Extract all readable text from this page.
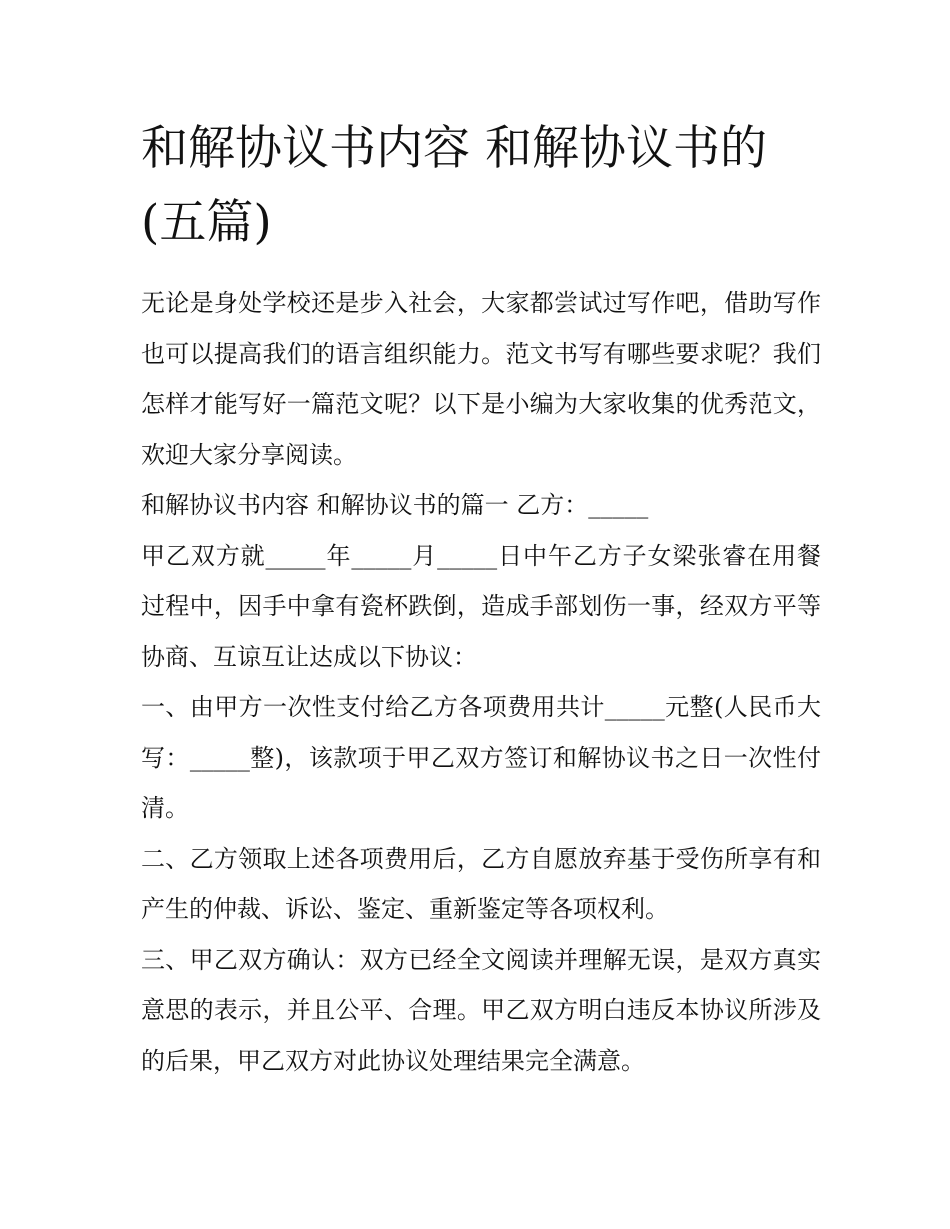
和解协议书内容 和解协议书的(五篇)

无论是身处学校还是步入社会，大家都尝试过写作吧，借助写作也可以提高我们的语言组织能力。范文书写有哪些要求呢？我们怎样才能写好一篇范文呢？以下是小编为大家收集的优秀范文，欢迎大家分享阅读。

和解协议书内容 和解协议书的篇一 乙方：_____

甲乙双方就_____年_____月_____日中午乙方子女梁张睿在用餐过程中，因手中拿有瓷杯跌倒，造成手部划伤一事，经双方平等协商、互谅互让达成以下协议：

一、由甲方一次性支付给乙方各项费用共计_____元整(人民币大写：_____整)，该款项于甲乙双方签订和解协议书之日一次性付清。

二、乙方领取上述各项费用后，乙方自愿放弃基于受伤所享有和产生的仲裁、诉讼、鉴定、重新鉴定等各项权利。

三、甲乙双方确认：双方已经全文阅读并理解无误，是双方真实意思的表示，并且公平、合理。甲乙双方明白违反本协议所涉及的后果，甲乙双方对此协议处理结果完全满意。
